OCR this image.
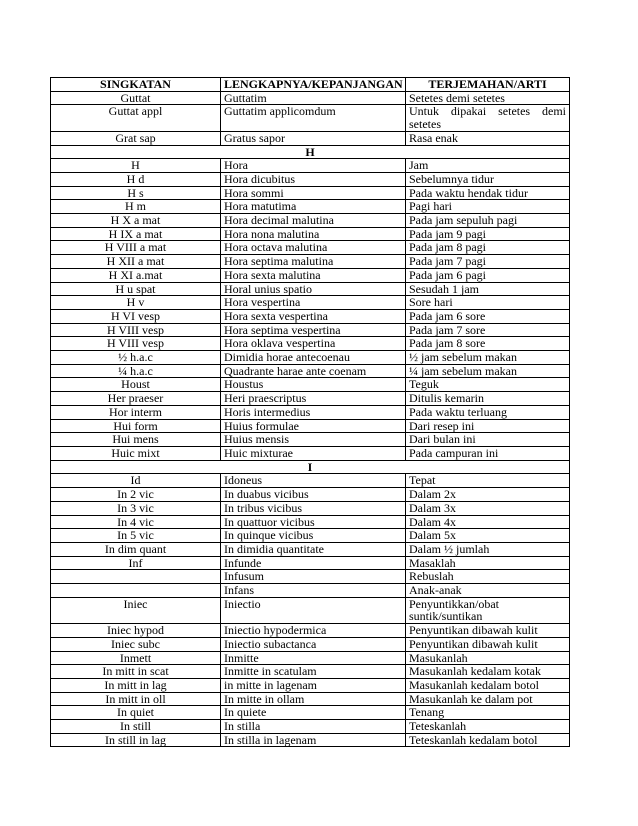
SINGKATAN	LENGKAPNYA/KEPANJANGAN	TERJEMAHAN/ARTI
Guttat	Guttatim	Setetes demi setetes
Guttat appl	Guttatim applicomdum	Untuk dipakai setetes demi setetes
Grat sap	Gratus sapor	Rasa enak
H		
H	Hora	Jam
H d	Hora dicubitus	Sebelumnya tidur
H s	Hora sommi	Pada waktu hendak tidur
H m	Hora matutima	Pagi hari
H X a mat	Hora decimal malutina	Pada jam sepuluh pagi
H IX a mat	Hora nona malutina	Pada jam 9 pagi
H VIII a mat	Hora octava malutina	Pada jam 8 pagi
H XII a mat	Hora septima malutina	Pada jam 7 pagi
H XI a.mat	Hora sexta malutina	Pada jam 6 pagi
H u spat	Horal unius spatio	Sesudah 1 jam
H v	Hora vespertina	Sore hari
H VI vesp	Hora sexta vespertina	Pada jam 6 sore
H VIII vesp	Hora septima vespertina	Pada jam 7 sore
H VIII vesp	Hora oklava vespertina	Pada jam 8 sore
½ h.a.c	Dimidia horae antecoenau	½ jam sebelum makan
¼ h.a.c	Quadrante harae ante coenam	¼ jam sebelum makan
Houst	Houstus	Teguk
Her praeser	Heri praescriptus	Ditulis kemarin
Hor interm	Horis intermedius	Pada waktu terluang
Hui form	Huius formulae	Dari resep ini
Hui mens	Huius mensis	Dari bulan ini
Huic mixt	Huic mixturae	Pada campuran ini
I		
Id	Idoneus	Tepat
In 2 vic	In duabus vicibus	Dalam 2x
In 3 vic	In tribus vicibus	Dalam 3x
In 4 vic	In quattuor vicibus	Dalam 4x
In 5 vic	In quinque vicibus	Dalam 5x
In dim quant	In dimidia quantitate	Dalam ½ jumlah
Inf	Infunde	Masaklah
	Infusum	Rebuslah
	Infans	Anak-anak
Iniec	Iniectio	Penyuntikkan/obat
suntik/suntikan
Iniec hypod	Iniectio hypodermica	Penyuntikan dibawah kulit
Iniec subc	Iniectio subactanca	Penyuntikan dibawah kulit
Inmett	Inmitte	Masukanlah
In mitt in scat	Inmitte in scatulam	Masukanlah kedalam kotak
In mitt in lag	in mitte in lagenam	Masukanlah kedalam botol
In mitt in oll	In mitte in ollam	Masukanlah ke dalam pot
In quiet	In quiete	Tenang
In still	In stilla	Teteskanlah
In still in lag	In stilla in lagenam	Teteskanlah kedalam botol
